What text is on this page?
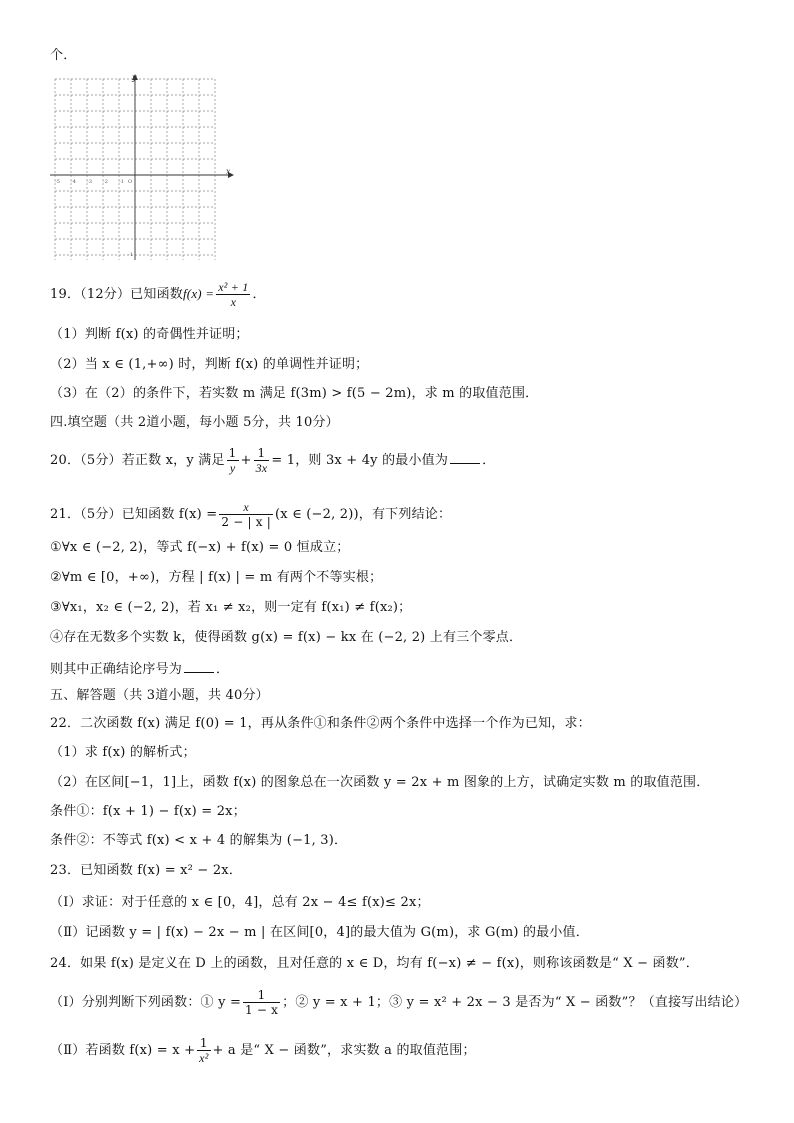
个．
y
x
-5 -4 -3 -2 -1 O
-1
19．（12分）已知函数$f(x) = \frac{\text{x² + 1}}{x}$ ．
（1）判断 f(x) 的奇偶性并证明；
（2）当 x ∈ (1,+∞) 时，判断 f(x) 的单调性并证明；
（3）在（2）的条件下，若实数 m 满足 f(3m) > f(5 − 2m)，求 m 的取值范围．
四.填空题（共 2道小题，每小题 5分，共 10分）
20．（5分）若正数 x，y 满足 $\frac{1}{y} + \frac{1}{3x} = 1$，则 3x + 4y 的最小值为	．
21．（5分）已知函数 $f(x) = \frac{x}{2 - | x |} (x$ ∈ (−2, 2))，有下列结论：
①∀x ∈ (−2, 2)，等式 f(−x) + f(x) = 0 恒成立；
②∀m ∈ [0，+∞)，方程 | f(x) | = m 有两个不等实根；
③∀x₁，x₂ ∈ (−2, 2)，若 x₁ ≠ x₂，则一定有 f(x₁) ≠ f(x₂)；
④存在无数多个实数 k，使得函数 g(x) = f(x) − kx 在 (−2, 2) 上有三个零点．
则其中正确结论序号为	．
五、解答题（共 3道小题，共 40分）
22．二次函数 f(x) 满足 f(0) = 1，再从条件①和条件②两个条件中选择一个作为已知，求：
（1）求 f(x) 的解析式；
（2）在区间[−1，1]上，函数 f(x) 的图象总在一次函数 y = 2x + m 图象的上方，试确定实数 m 的取值范围．
条件①：f(x + 1) − f(x) = 2x；
条件②：不等式 f(x) < x + 4 的解集为 (−1, 3)．
23．已知函数 f(x) = x² − 2x．
（Ⅰ）求证：对于任意的 x ∈ [0，4]，总有 2x − 4≤ f(x)≤ 2x；
（Ⅱ）记函数 y = | f(x) − 2x − m | 在区间[0，4]的最大值为 G(m)，求 G(m) 的最小值．
24．如果 f(x) 是定义在 D 上的函数，且对任意的 x ∈ D，均有 f(−x) ≠ − f(x)，则称该函数是“ X − 函数”．
（Ⅰ）分别判断下列函数：① $y = \frac{1}{1 - x}$ ；② y = x + 1；③ y = x² + 2x − 3 是否为“ X − 函数”？（直接写出结论）
（Ⅱ）若函数 $f(x) = x + \frac{1}{\text{x²}} + a$ 是“ X − 函数”，求实数 a 的取值范围；
